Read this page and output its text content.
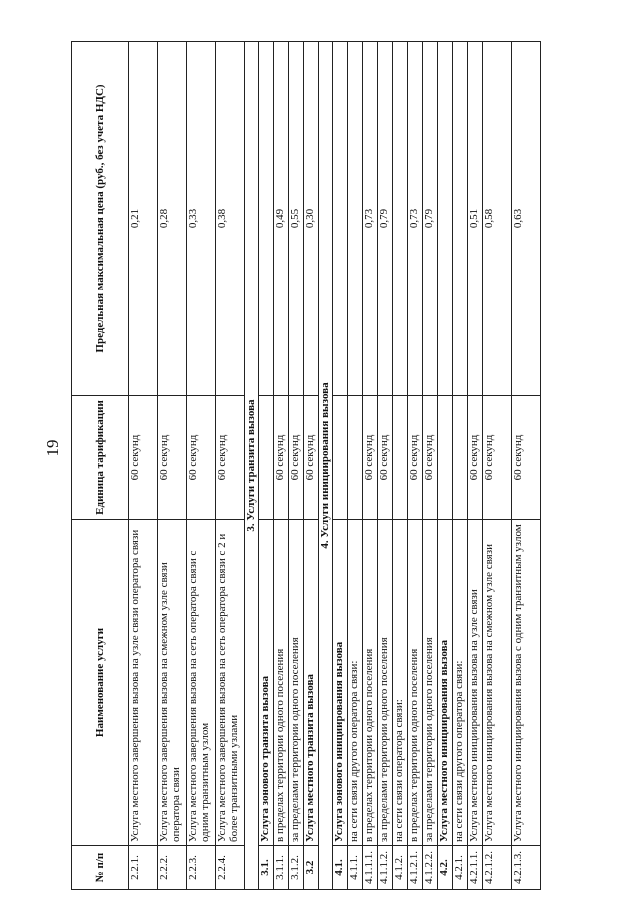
19
№ п/п	Наименование услуги	Единица тарификации	Предельная максимальная цена (руб., без учета НДС)
2.2.1.	Услуга местного завершения вызова на узле связи оператора связи	60 секунд	0,21
2.2.2.	Услуга местного завершения вызова на смежном узле связи оператора связи	60 секунд	0,28
2.2.3.	Услуга местного завершения вызова на сеть оператора связи с одним транзитным узлом	60 секунд	0,33
2.2.4.	Услуга местного завершения вызова на сеть оператора связи с 2 и более транзитными узлами	60 секунд	0,38
3. Услуги транзита вызова			
3.1.	Услуга зонового транзита вызова		
3.1.1.	в пределах территории одного поселения	60 секунд	0,49
3.1.2.	за пределами территории одного поселения	60 секунд	0,55
3.2	Услуга местного транзита вызова	60 секунд	0,30
4. Услуги инициирования вызова			
4.1.	Услуга зонового инициирования вызова		
4.1.1.	на сети связи другого оператора связи:		
4.1.1.1.	в пределах территории одного поселения	60 секунд	0,73
4.1.1.2.	за пределами территории одного поселения	60 секунд	0,79
4.1.2.	на сети связи оператора связи:		
4.1.2.1.	в пределах территории одного поселения	60 секунд	0,73
4.1.2.2.	за пределами территории одного поселения	60 секунд	0,79
4.2.	Услуга местного инициирования вызова		
4.2.1.	на сети связи другого оператора связи:		
4.2.1.1.	Услуга местного инициирования вызова на узле связи	60 секунд	0,51
4.2.1.2.	Услуга местного инициирования вызова на смежном узле связи	60 секунд	0,58
4.2.1.3.	Услуга местного инициирования вызова с одним транзитным узлом	60 секунд	0,63
